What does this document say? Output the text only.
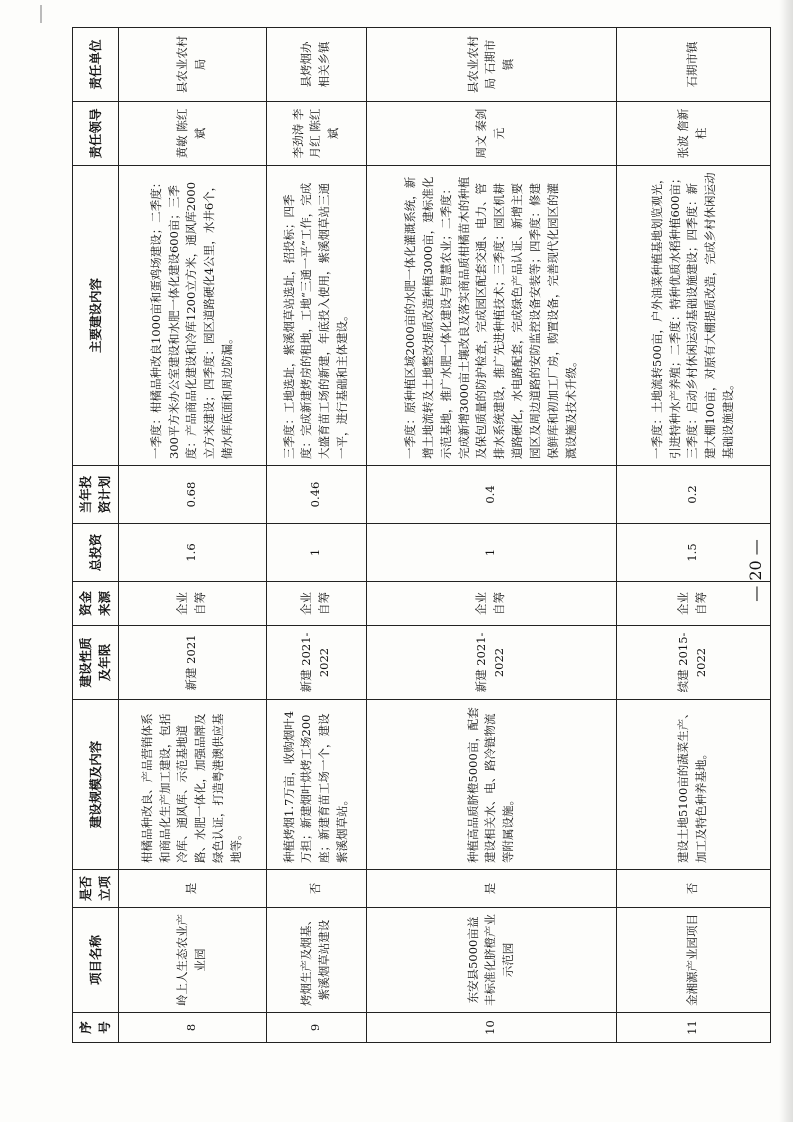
序号	项目名称	是否立项	建设规模及内容	建设性质及年限	资金来源	总投资	当年投资计划	主要建设内容	责任领导	责任单位
8	岭上人生态农业产业园	是	柑橘品种改良、产品营销体系和商品化生产加工建设，包括冷库、通风库、示范基地道路、水肥一体化，加强品牌及绿色认证，打造粤港澳供应基地等。	新建 2021	企业自筹	1.6	0.68	一季度：柑橘品种改良1000亩和蛋鸡场建设；二季度：300平方米办公室建设和水肥一体化建设600亩；三季度：产品商品化建设和冷库1200立方米，通风库2000立方米建设；四季度：园区道路硬化4公里，水井6个，储水库底面和周边防漏。	黄敏 陈红斌	县农业农村局
9	烤烟生产及烟基、紫溪烟草站建设	否	种植烤烟1.7万亩，收购烟叶4万担；新建烟叶烘烤工场200座；新建育苗工场一个，建设紫溪烟草站。	新建 2021-2022	企业自筹	1	0.46	三季度：工地选址，紫溪烟草站选址，招投标；四季度：完成新建烤房的租地，工地“三通一平”工作，完成大盛育苗工场的新建，年底投入使用，紫溪烟草站三通一平，进行基础和主体建设。	李劲涛 李月红 陈红斌	县烤烟办 相关乡镇
10	东安县5000亩益丰标准化脐橙产业示范园	是	种植高品质脐橙5000亩，配套建设相关水、电、路冷链物流等附属设施。	新建 2021-2022	企业自筹	1	0.4	一季度：原种植区域2000亩的水肥一体化灌溉系统，新增土地流转及土地整改提质改造种植3000亩，建标准化示范基地，推广水肥一体化建设与智慧农业；二季度：完成新增3000亩土壤改良及落实商品质柑橘苗木的种植及保包质量的防护检查，完成园区配套交通、电力、管排水系统建设，推广先进种植技术；三季度：园区机耕道路硬化，水电路配套，完成绿色产品认证、新增主要园区及周边道路的安防监控设备安装等；四季度：修建保鲜库和初加工厂房，购置设备，完善现代化园区的灌溉设施及技术升级。	周文 秦剑元	县农业农村局 石期市镇
11	金湘源产业园项目	否	建设土地5100亩的蔬菜生产、加工及特色种养基地。	续建 2015-2022	企业自筹	1.5	0.2	一季度：土地流转500亩，户外油菜种植基地划览观光，引进特种水产养殖；二季度：特种优质水稻种植600亩；三季度：启动乡村休闲运动基础设施建设；四季度：新建大棚100亩，对原有大棚提质改造，完成乡村休闲运动基础设施建设。	张波 詹新柱	石期市镇
— 20 —
